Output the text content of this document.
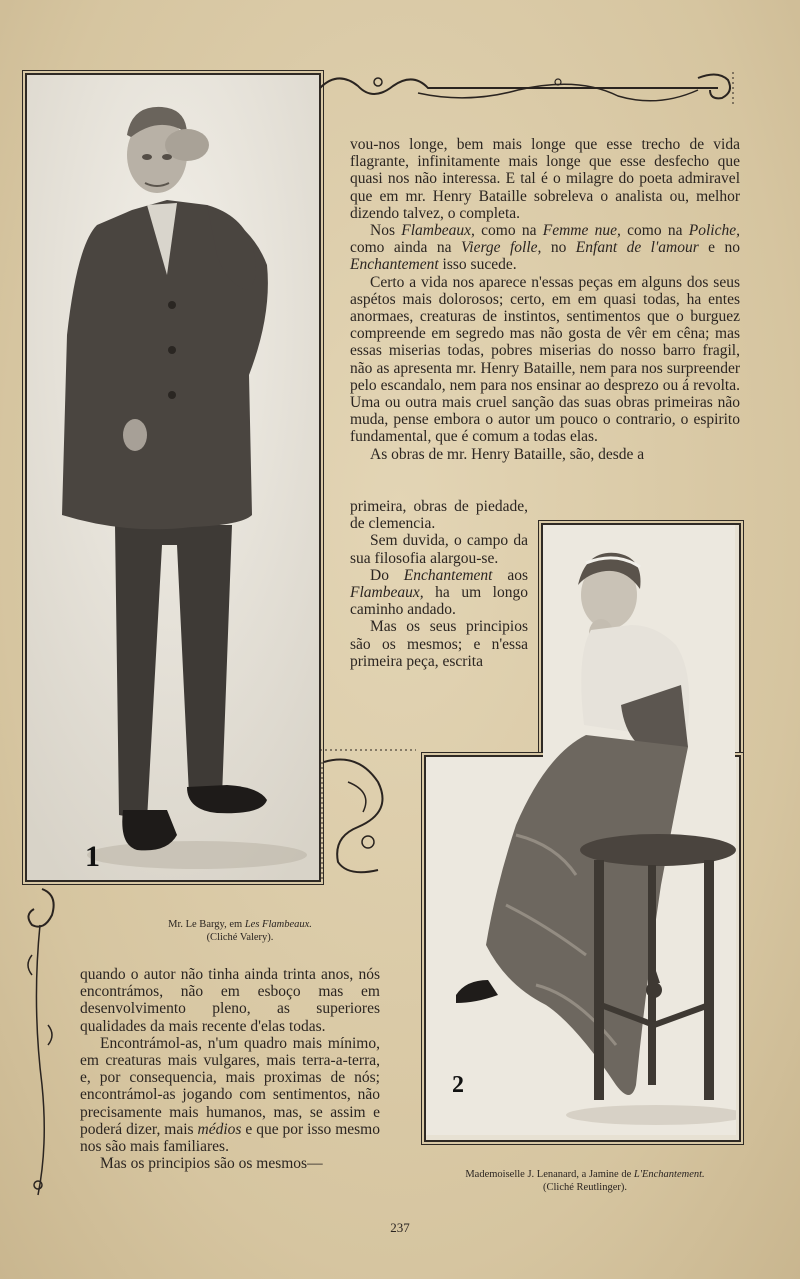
1
2

vou-nos longe, bem mais longe que esse trecho de vida flagrante, infinitamente mais longe que esse desfecho que quasi nos não interessa. E tal é o milagre do poeta admiravel que em mr. Henry Bataille sobreleva o analista ou, melhor dizendo talvez, o completa.

Nos Flambeaux, como na Femme nue, como na Poliche, como ainda na Vierge folle, no Enfant de l'amour e no Enchantement isso sucede.

Certo a vida nos aparece n'essas peças em alguns dos seus aspétos mais dolorosos; certo, em em quasi todas, ha entes anormaes, creaturas de instintos, sentimentos que o burguez compreende em segredo mas não gosta de vêr em cêna; mas essas miserias todas, pobres miserias do nosso barro fragil, não as apresenta mr. Henry Bataille, nem para nos surpreender pelo escandalo, nem para nos ensinar ao desprezo ou á revolta. Uma ou outra mais cruel sanção das suas obras primeiras não muda, pense embora o autor um pouco o contrario, o espirito fundamental, que é comum a todas elas.

As obras de mr. Henry Bataille, são, desde a

primeira, obras de piedade, de clemencia.

Sem duvida, o campo da sua filosofia alargou-se.

Do Enchantement aos Flambeaux, ha um longo caminho andado.

Mas os seus principios são os mesmos; e n'essa primeira peça, escrita

Mr. Le Bargy, em Les Flambeaux.
(Cliché Valery).

quando o autor não tinha ainda trinta anos, nós encontrámos, não em esboço mas em desenvolvimento pleno, as superiores qualidades da mais recente d'elas todas.

Encontrámol-as, n'um quadro mais mínimo, em creaturas mais vulgares, mais terra-a-terra, e, por consequencia, mais proximas de nós; encontrámol-as jogando com sentimentos, não precisamente mais humanos, mas, se assim e poderá dizer, mais médios e que por isso mesmo nos são mais familiares.

Mas os principios são os mesmos—

Mademoiselle J. Lenanard, a Jamine de L'Enchantement.
(Cliché Reutlinger).
237
